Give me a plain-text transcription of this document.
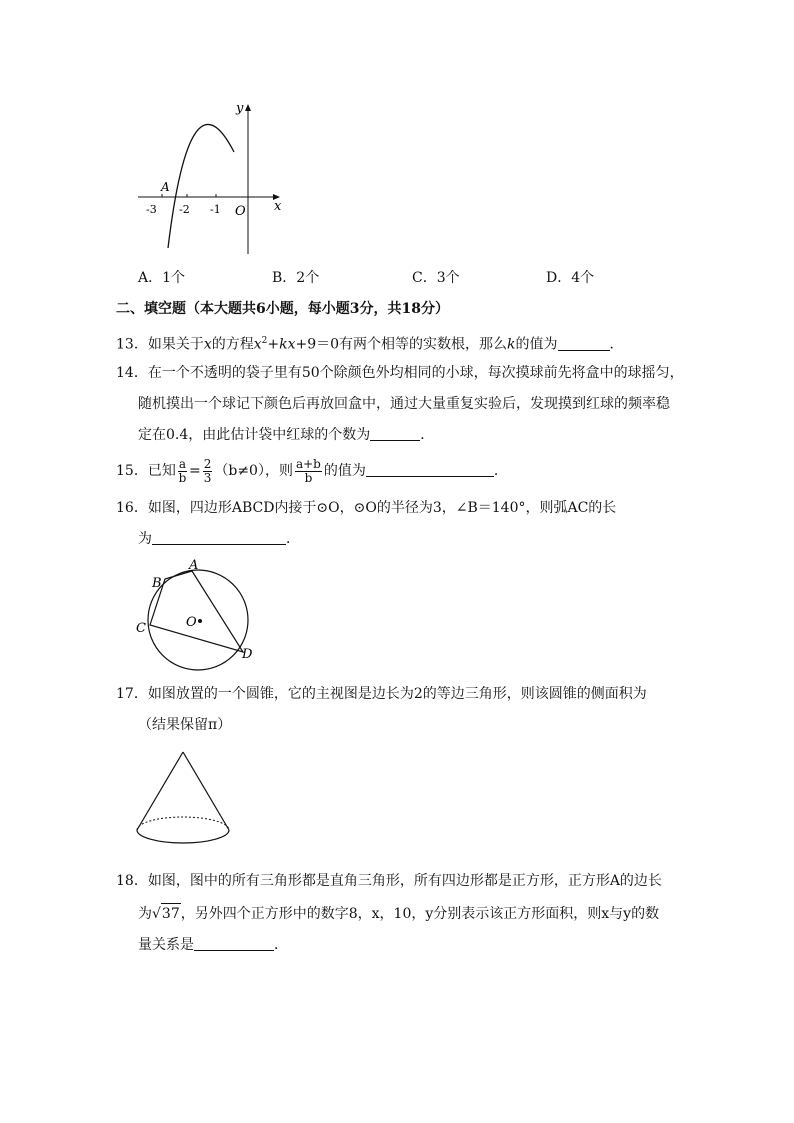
y
x
O
A
-3 -2 -1
A．1个	B．2个	C．3个	D．4个
二、填空题（本大题共6小题，每小题3分，共18分）
13．如果关于x的方程$x^2+kx+9=0$有两个相等的实数根，那么k的值为	．
14．在一个不透明的袋子里有50个除颜色外均相同的小球，每次摸球前先将盒中的球摇匀，
随机摸出一个球记下颜色后再放回盒中，通过大量重复实验后，发现摸到红球的频率稳
定在0.4，由此估计袋中红球的个数为	．
15．已知 $\frac{a}{b} = \frac{2}{3} (b\ne 0)$，则 $\frac{a+b}{b}$ 的值为	．
16．如图，四边形ABCD内接于⊙O，⊙O的半径为3，∠B＝140°，则弧AC的长
为	．
A
B
C
D
O
17．如图放置的一个圆锥，它的主视图是边长为2的等边三角形，则该圆锥的侧面积为
（结果保留π）
18．如图，图中的所有三角形都是直角三角形，所有四边形都是正方形，正方形A的边长
为√37，另外四个正方形中的数字8，x，10，y分别表示该正方形面积，则x与y的数
量关系是	．
